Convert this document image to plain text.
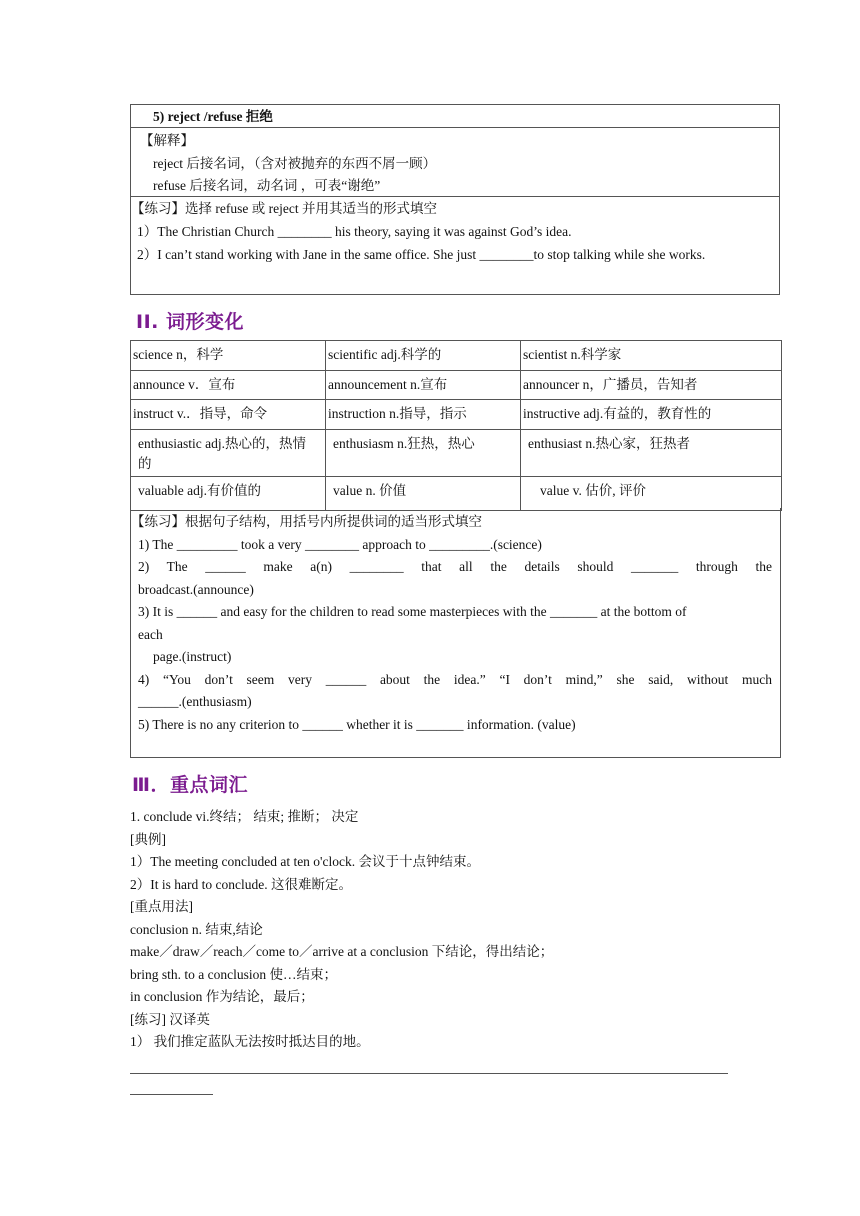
5) reject /refuse 拒绝
【解释】
reject 后接名词，（含对被抛弃的东西不屑一顾）
refuse 后接名词，动名词 ，可表“谢绝”
【练习】选择 refuse 或 reject 并用其适当的形式填空
1）The Christian Church ________ his theory, saying it was against God’s idea.
2）I can’t stand working with Jane in the same office. She just ________to stop talking while she works.
II. 词形变化
science n，科学	scientific adj.科学的	scientist n.科学家
announce v．宣布	announcement n.宣布	announcer n，广播员，告知者
instruct v.．指导，命令	instruction n.指导，指示	instructive adj.有益的，教育性的
enthusiastic adj.热心的，热情的	enthusiasm n.狂热，热心	enthusiast n.热心家，狂热者
valuable adj.有价值的	value n. 价值	value v. 估价, 评价

【练习】根据句子结构，用括号内所提供词的适当形式填空

1) The _________ took a very ________ approach to _________.(science)

2) The ______ make a(n) ________ that all the details should _______ through the

broadcast.(announce)

3) It is ______ and easy for the children to read some masterpieces with the _______ at the bottom of

each

page.(instruct)

4) “You don’t seem very ______ about the idea.” “I don’t mind,” she said, without much

______.(enthusiasm)

5) There is no any criterion to ______ whether it is _______ information. (value)

Ⅲ．重点词汇

1. conclude vi.终结； 结束; 推断； 决定

[典例]

1）The meeting concluded at ten o'clock. 会议于十点钟结束。

2）It is hard to conclude. 这很难断定。

[重点用法]

conclusion n. 结束,结论

make／draw／reach／come to／arrive at a conclusion 下结论，得出结论；

bring sth. to a conclusion 使…结束；

in conclusion 作为结论，最后；

[练习] 汉译英

1） 我们推定蓝队无法按时抵达目的地。
